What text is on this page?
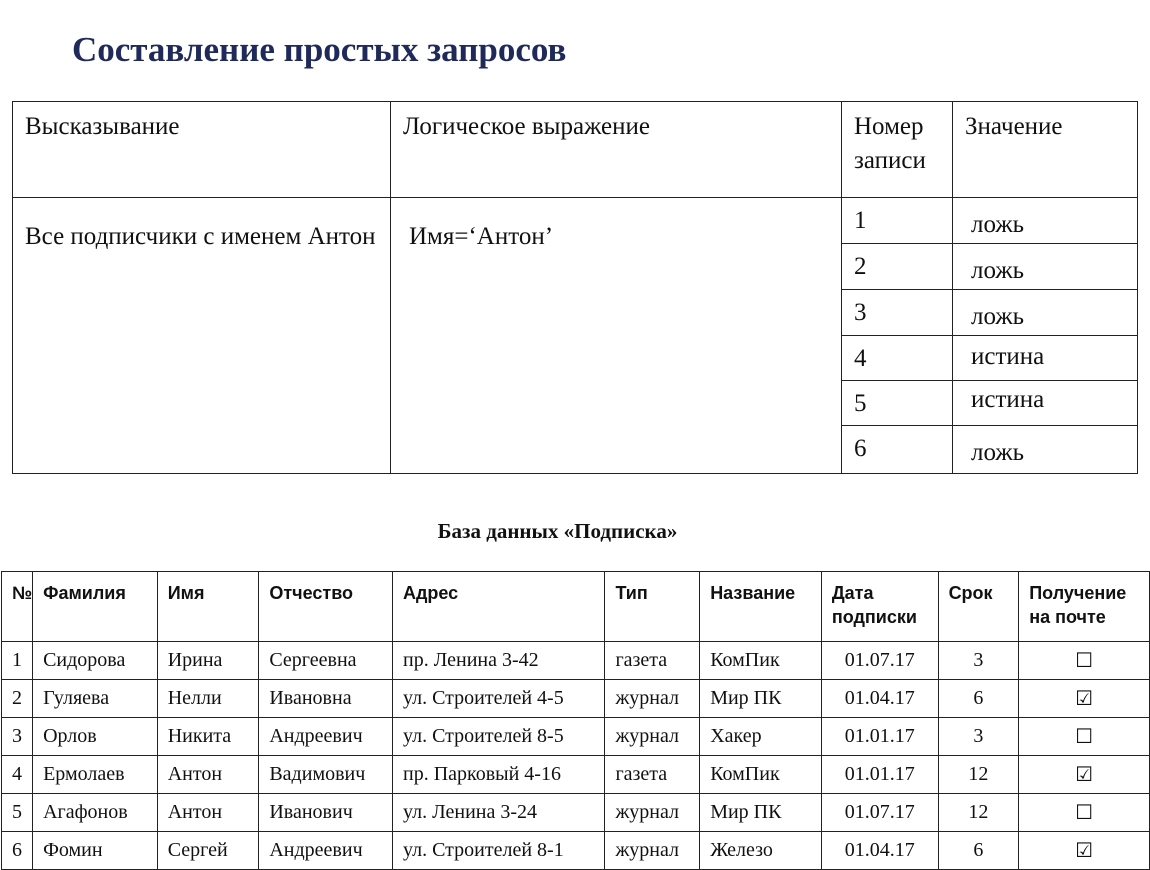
Составление простых запросов
Высказывание	Логическое выражение	Номер записи	Значение
Все подписчики с именем Антон	Имя=‘Антон’	1	ложь
		2	ложь
		3	ложь
		4	истина
		5	истина
		6	ложь
База данных «Подписка»
№	Фамилия	Имя	Отчество	Адрес	Тип	Название	Дата подписки	Срок	Получение на почте
1	Сидорова	Ирина	Сергеевна	пр. Ленина 3-42	газета	КомПик	01.07.17	3	☐
2	Гуляева	Нелли	Ивановна	ул. Строителей 4-5	журнал	Мир ПК	01.04.17	6	☑
3	Орлов	Никита	Андреевич	ул. Строителей 8-5	журнал	Хакер	01.01.17	3	☐
4	Ермолаев	Антон	Вадимович	пр. Парковый 4-16	газета	КомПик	01.01.17	12	☑
5	Агафонов	Антон	Иванович	ул. Ленина 3-24	журнал	Мир ПК	01.07.17	12	☐
6	Фомин	Сергей	Андреевич	ул. Строителей 8-1	журнал	Железо	01.04.17	6	☑
